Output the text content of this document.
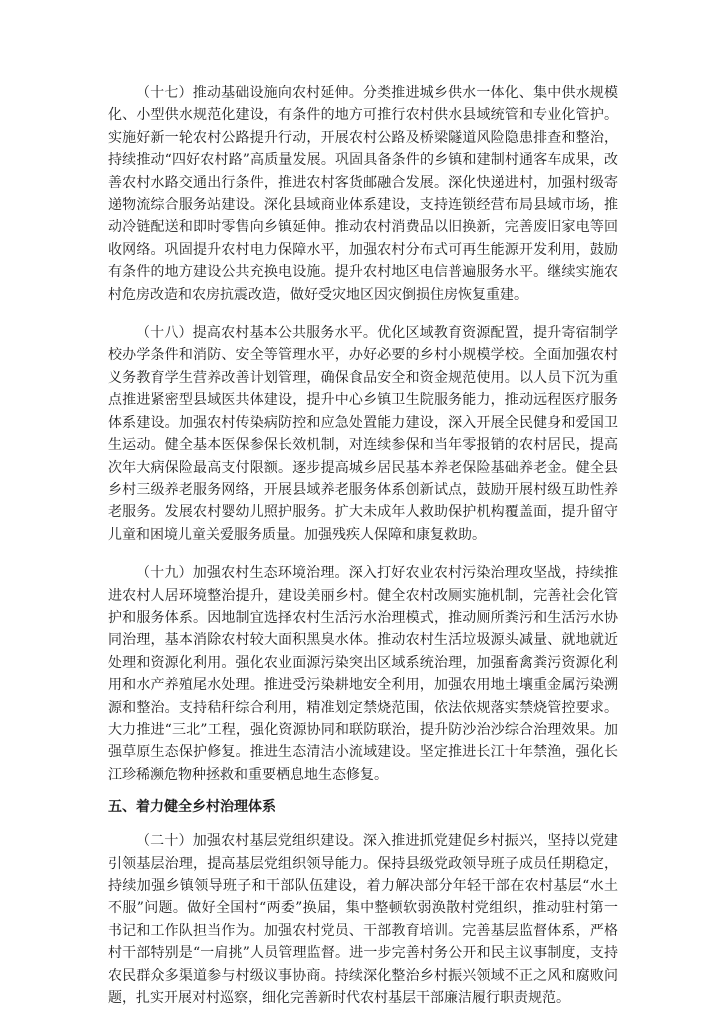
（十七）推动基础设施向农村延伸。分类推进城乡供水一体化、集中供水规模化、小型供水规范化建设，有条件的地方可推行农村供水县域统管和专业化管护。实施好新一轮农村公路提升行动，开展农村公路及桥梁隧道风险隐患排查和整治，持续推动“四好农村路”高质量发展。巩固具备条件的乡镇和建制村通客车成果，改善农村水路交通出行条件，推进农村客货邮融合发展。深化快递进村，加强村级寄递物流综合服务站建设。深化县域商业体系建设，支持连锁经营布局县域市场，推动冷链配送和即时零售向乡镇延伸。推动农村消费品以旧换新，完善废旧家电等回收网络。巩固提升农村电力保障水平，加强农村分布式可再生能源开发利用，鼓励有条件的地方建设公共充换电设施。提升农村地区电信普遍服务水平。继续实施农村危房改造和农房抗震改造，做好受灾地区因灾倒损住房恢复重建。

（十八）提高农村基本公共服务水平。优化区域教育资源配置，提升寄宿制学校办学条件和消防、安全等管理水平，办好必要的乡村小规模学校。全面加强农村义务教育学生营养改善计划管理，确保食品安全和资金规范使用。以人员下沉为重点推进紧密型县域医共体建设，提升中心乡镇卫生院服务能力，推动远程医疗服务体系建设。加强农村传染病防控和应急处置能力建设，深入开展全民健身和爱国卫生运动。健全基本医保参保长效机制，对连续参保和当年零报销的农村居民，提高次年大病保险最高支付限额。逐步提高城乡居民基本养老保险基础养老金。健全县乡村三级养老服务网络，开展县域养老服务体系创新试点，鼓励开展村级互助性养老服务。发展农村婴幼儿照护服务。扩大未成年人救助保护机构覆盖面，提升留守儿童和困境儿童关爱服务质量。加强残疾人保障和康复救助。

（十九）加强农村生态环境治理。深入打好农业农村污染治理攻坚战，持续推进农村人居环境整治提升，建设美丽乡村。健全农村改厕实施机制，完善社会化管护和服务体系。因地制宜选择农村生活污水治理模式，推动厕所粪污和生活污水协同治理，基本消除农村较大面积黑臭水体。推动农村生活垃圾源头减量、就地就近处理和资源化利用。强化农业面源污染突出区域系统治理，加强畜禽粪污资源化利用和水产养殖尾水处理。推进受污染耕地安全利用，加强农用地土壤重金属污染溯源和整治。支持秸秆综合利用，精准划定禁烧范围，依法依规落实禁烧管控要求。大力推进“三北”工程，强化资源协同和联防联治，提升防沙治沙综合治理效果。加强草原生态保护修复。推进生态清洁小流域建设。坚定推进长江十年禁渔，强化长江珍稀濒危物种拯救和重要栖息地生态修复。

五、着力健全乡村治理体系

（二十）加强农村基层党组织建设。深入推进抓党建促乡村振兴，坚持以党建引领基层治理，提高基层党组织领导能力。保持县级党政领导班子成员任期稳定，持续加强乡镇领导班子和干部队伍建设，着力解决部分年轻干部在农村基层“水土不服”问题。做好全国村“两委”换届，集中整顿软弱涣散村党组织，推动驻村第一书记和工作队担当作为。加强农村党员、干部教育培训。完善基层监督体系，严格村干部特别是“一肩挑”人员管理监督。进一步完善村务公开和民主议事制度，支持农民群众多渠道参与村级议事协商。持续深化整治乡村振兴领域不正之风和腐败问题，扎实开展对村巡察，细化完善新时代农村基层干部廉洁履行职责规范。
